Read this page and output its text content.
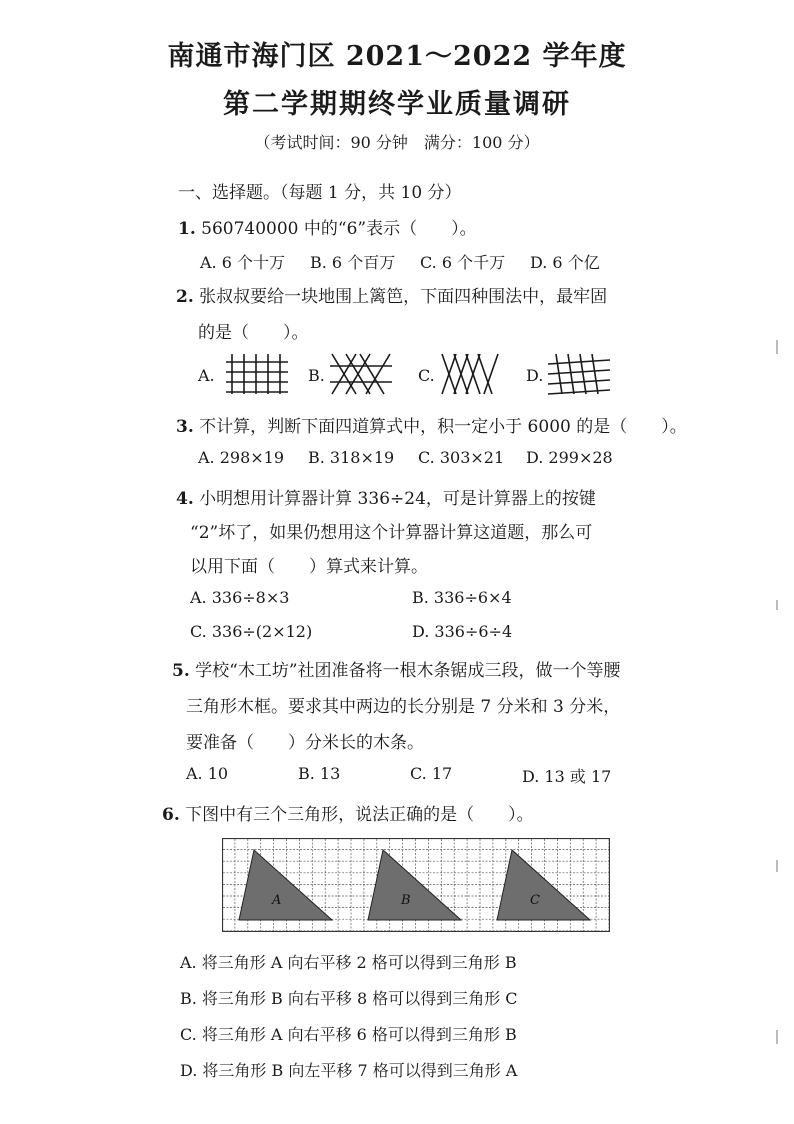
南通市海门区 2021～2022 学年度
第二学期期终学业质量调研
（考试时间：90 分钟　满分：100 分）
一、选择题。（每题 1 分，共 10 分）
1. 560740000 中的“6”表示（　　）。
A. 6 个十万 B. 6 个百万 C. 6 个千万 D. 6 个亿
2. 张叔叔要给一块地围上篱笆，下面四种围法中，最牢固
的是（　　）。
A.	B.	C.	D.
3. 不计算，判断下面四道算式中，积一定小于 6000 的是（　　）。
A. 298×19 B. 318×19 C. 303×21 D. 299×28
4. 小明想用计算器计算 336÷24，可是计算器上的按键
“2”坏了，如果仍想用这个计算器计算这道题，那么可
以用下面（　　）算式来计算。
A. 336÷8×3	B. 336÷6×4
C. 336÷(2×12)	D. 336÷6÷4
5. 学校“木工坊”社团准备将一根木条锯成三段，做一个等腰
三角形木框。要求其中两边的长分别是 7 分米和 3 分米，
要准备（　　）分米长的木条。
A. 10	B. 13	C. 17	D. 13 或 17
6. 下图中有三个三角形，说法正确的是（　　）。
A	B	C
A. 将三角形 A 向右平移 2 格可以得到三角形 B
B. 将三角形 B 向右平移 8 格可以得到三角形 C
C. 将三角形 A 向右平移 6 格可以得到三角形 B
D. 将三角形 B 向左平移 7 格可以得到三角形 A
